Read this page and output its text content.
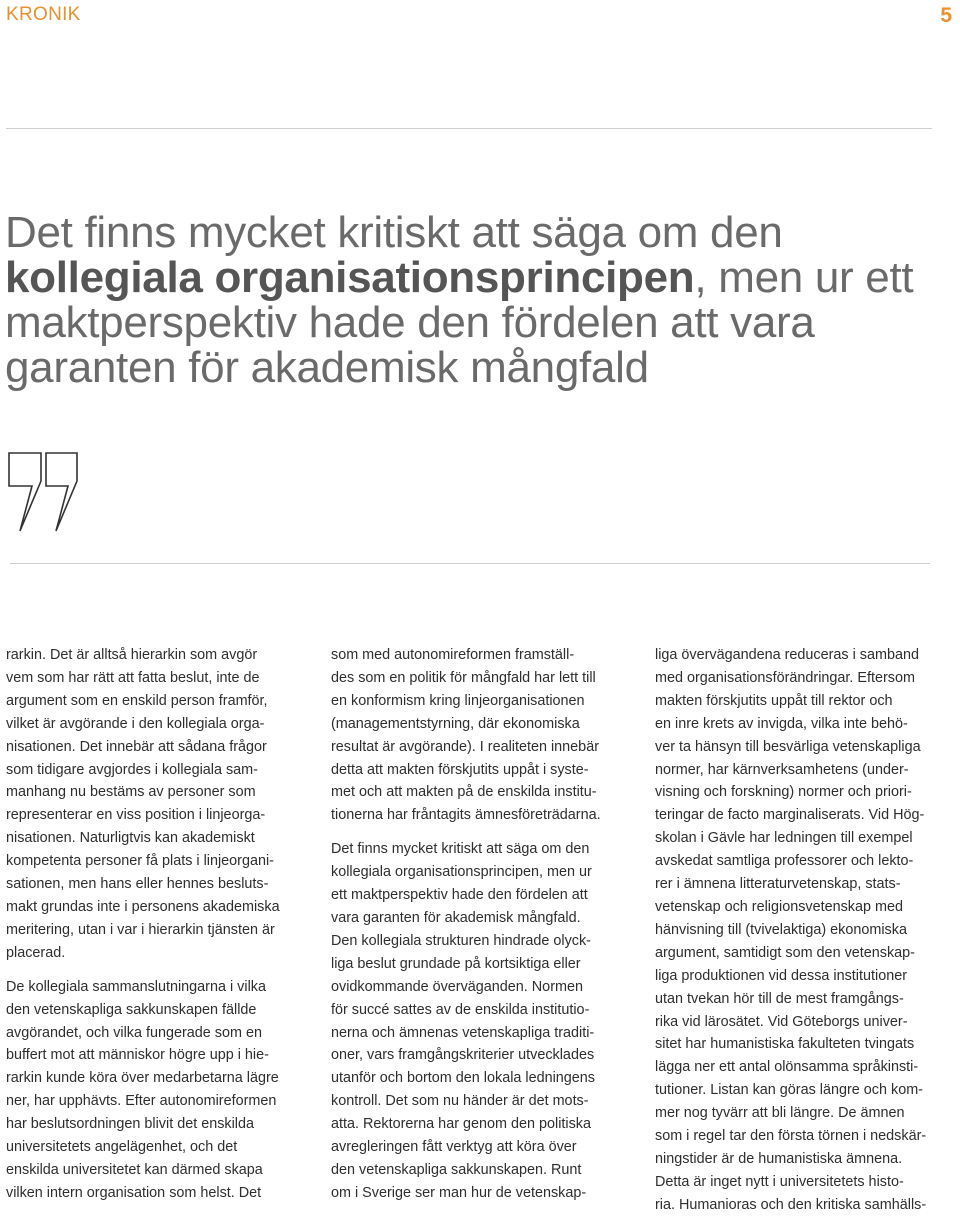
KRONIK	5
Det finns mycket kritiskt att säga om den
kollegiala organisationsprincipen, men ur ett
maktperspektiv hade den fördelen att vara
garanten för akademisk mångfald
rarkin. Det är alltså hierarkin som avgör
vem som har rätt att fatta beslut, inte de
argument som en enskild person framför,
vilket är avgörande i den kollegiala orga-
nisationen. Det innebär att sådana frågor
som tidigare avgjordes i kollegiala sam-
manhang nu bestäms av personer som
representerar en viss position i linjeorga-
nisationen. Naturligtvis kan akademiskt
kompetenta personer få plats i linjeorgani-
sationen, men hans eller hennes besluts-
makt grundas inte i personens akademiska
meritering, utan i var i hierarkin tjänsten är
placerad.
De kollegiala sammanslutningarna i vilka
den vetenskapliga sakkunskapen fällde
avgörandet, och vilka fungerade som en
buffert mot att människor högre upp i hie-
rarkin kunde köra över medarbetarna lägre
ner, har upphävts. Efter autonomireformen
har beslutsordningen blivit det enskilda
universitetets angelägenhet, och det
enskilda universitetet kan därmed skapa
vilken intern organisation som helst. Det
som med autonomireformen framställ-
des som en politik för mångfald har lett till
en konformism kring linjeorganisationen
(managementstyrning, där ekonomiska
resultat är avgörande). I realiteten innebär
detta att makten förskjutits uppåt i syste-
met och att makten på de enskilda institu-
tionerna har fråntagits ämnesföreträdarna.
Det finns mycket kritiskt att säga om den
kollegiala organisationsprincipen, men ur
ett maktperspektiv hade den fördelen att
vara garanten för akademisk mångfald.
Den kollegiala strukturen hindrade olyck-
liga beslut grundade på kortsiktiga eller
ovidkommande överväganden. Normen
för succé sattes av de enskilda institutio-
nerna och ämnenas vetenskapliga traditi-
oner, vars framgångskriterier utvecklades
utanför och bortom den lokala ledningens
kontroll. Det som nu händer är det mots-
atta. Rektorerna har genom den politiska
avregleringen fått verktyg att köra över
den vetenskapliga sakkunskapen. Runt
om i Sverige ser man hur de vetenskap-
liga övervägandena reduceras i samband
med organisationsförändringar. Eftersom
makten förskjutits uppåt till rektor och
en inre krets av invigda, vilka inte behö-
ver ta hänsyn till besvärliga vetenskapliga
normer, har kärnverksamhetens (under-
visning och forskning) normer och priori-
teringar de facto marginaliserats. Vid Hög-
skolan i Gävle har ledningen till exempel
avskedat samtliga professorer och lekto-
rer i ämnena litteraturvetenskap, stats-
vetenskap och religionsvetenskap med
hänvisning till (tvivelaktiga) ekonomiska
argument, samtidigt som den vetenskap-
liga produktionen vid dessa institutioner
utan tvekan hör till de mest framgångs-
rika vid lärosätet. Vid Göteborgs univer-
sitet har humanistiska fakulteten tvingats
lägga ner ett antal olönsamma språkinsti-
tutioner. Listan kan göras längre och kom-
mer nog tyvärr att bli längre. De ämnen
som i regel tar den första törnen i nedskär-
ningstider är de humanistiska ämnena.
Detta är inget nytt i universitetets histo-
ria. Humanioras och den kritiska samhälls-
